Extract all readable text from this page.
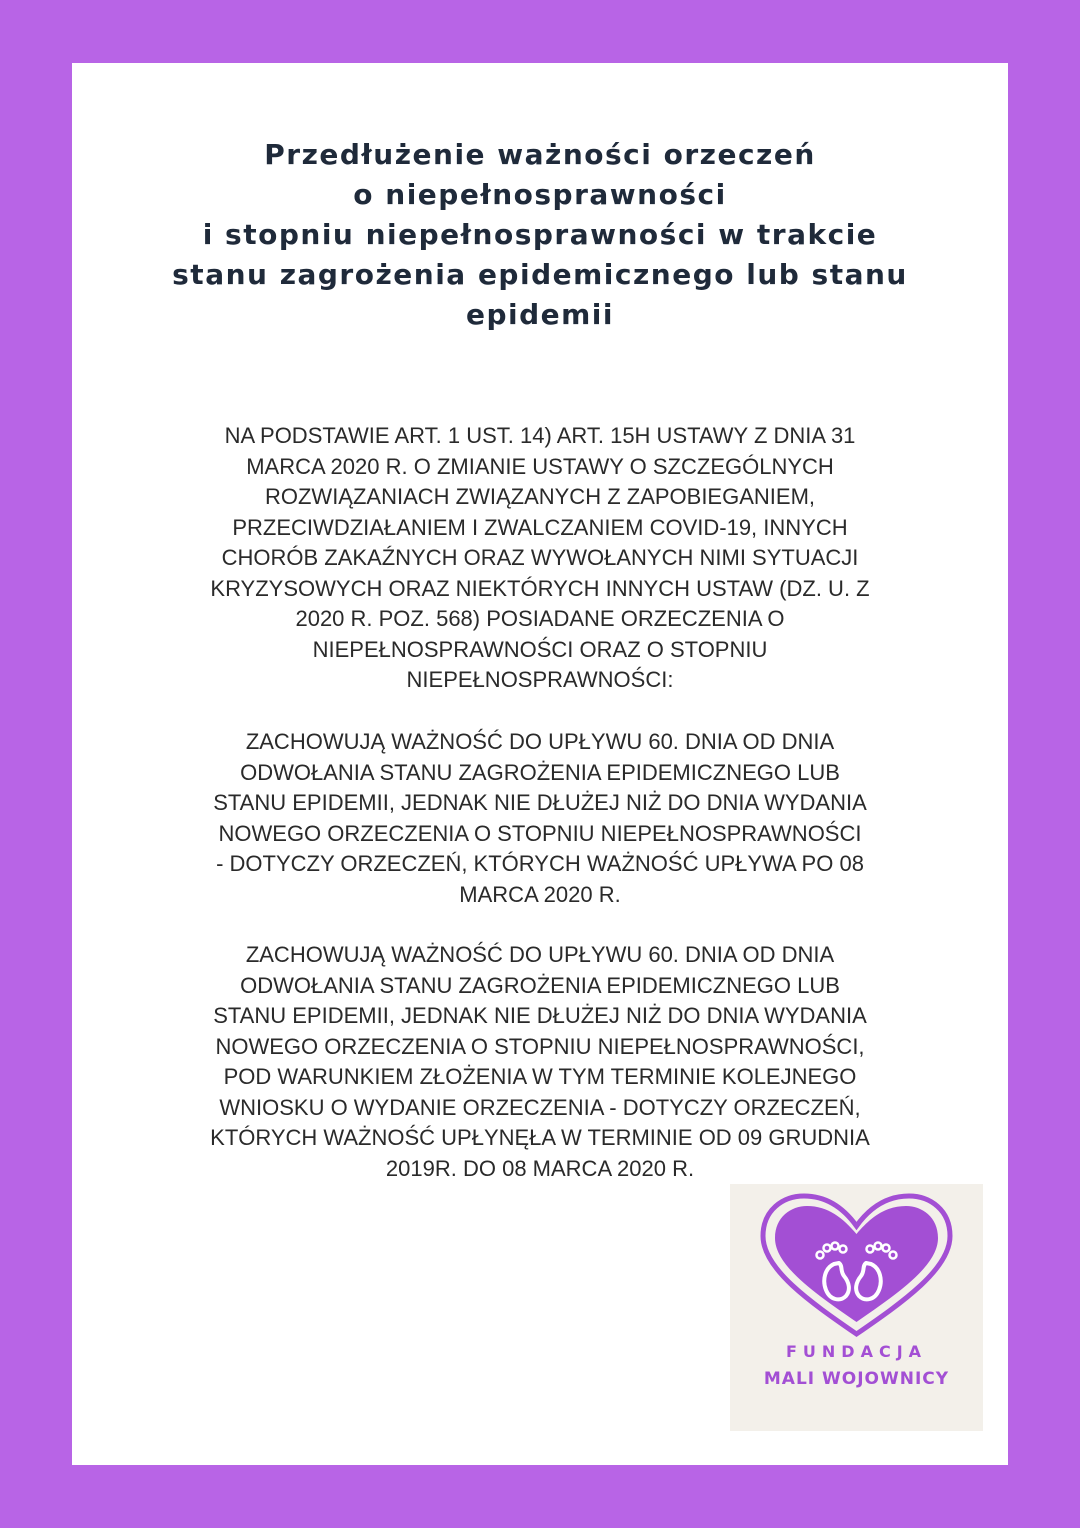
Przedłużenie ważności orzeczeń
o niepełnosprawności
i stopniu niepełnosprawności w trakcie
stanu zagrożenia epidemicznego lub stanu
epidemii

NA PODSTAWIE ART. 1 UST. 14) ART. 15H USTAWY Z DNIA 31
MARCA 2020 R. O ZMIANIE USTAWY O SZCZEGÓLNYCH
ROZWIĄZANIACH ZWIĄZANYCH Z ZAPOBIEGANIEM,
PRZECIWDZIAŁANIEM I ZWALCZANIEM COVID-19, INNYCH
CHORÓB ZAKAŹNYCH ORAZ WYWOŁANYCH NIMI SYTUACJI
KRYZYSOWYCH ORAZ NIEKTÓRYCH INNYCH USTAW (DZ. U. Z
2020 R. POZ. 568) POSIADANE ORZECZENIA O
NIEPEŁNOSPRAWNOŚCI ORAZ O STOPNIU
NIEPEŁNOSPRAWNOŚCI:

ZACHOWUJĄ WAŻNOŚĆ DO UPŁYWU 60. DNIA OD DNIA
ODWOŁANIA STANU ZAGROŻENIA EPIDEMICZNEGO LUB
STANU EPIDEMII, JEDNAK NIE DŁUŻEJ NIŻ DO DNIA WYDANIA
NOWEGO ORZECZENIA O STOPNIU NIEPEŁNOSPRAWNOŚCI
- DOTYCZY ORZECZEŃ, KTÓRYCH WAŻNOŚĆ UPŁYWA PO 08
MARCA 2020 R.

ZACHOWUJĄ WAŻNOŚĆ DO UPŁYWU 60. DNIA OD DNIA
ODWOŁANIA STANU ZAGROŻENIA EPIDEMICZNEGO LUB
STANU EPIDEMII, JEDNAK NIE DŁUŻEJ NIŻ DO DNIA WYDANIA
NOWEGO ORZECZENIA O STOPNIU NIEPEŁNOSPRAWNOŚCI,
POD WARUNKIEM ZŁOŻENIA W TYM TERMINIE KOLEJNEGO
WNIOSKU O WYDANIE ORZECZENIA - DOTYCZY ORZECZEŃ,
KTÓRYCH WAŻNOŚĆ UPŁYNĘŁA W TERMINIE OD 09 GRUDNIA
2019R. DO 08 MARCA 2020 R.

FUNDACJA

MALI WOJOWNICY
